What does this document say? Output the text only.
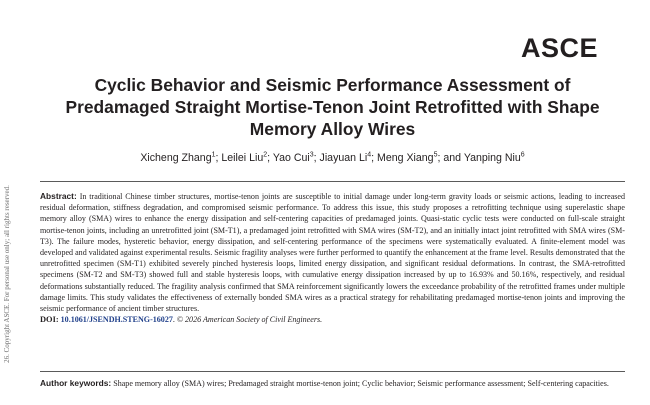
26. Copyright ASCE. For personal use only; all rights reserved.
ASCE
Cyclic Behavior and Seismic Performance Assessment of Predamaged Straight Mortise-Tenon Joint Retrofitted with Shape Memory Alloy Wires
Xicheng Zhang$^1$; Leilei Liu$^2$; Yao Cui$^3$; Jiayuan Li$^4$; Meng Xiang$^5$; and Yanping Niu$^6$
Abstract: In traditional Chinese timber structures, mortise-tenon joints are susceptible to initial damage under long-term gravity loads or seismic actions, leading to increased residual deformation, stiffness degradation, and compromised seismic performance. To address this issue, this study proposes a retrofitting technique using superelastic shape memory alloy (SMA) wires to enhance the energy dissipation and self-centering capacities of predamaged joints. Quasi-static cyclic tests were conducted on full-scale straight mortise-tenon joints, including an unretrofitted joint (SM-T1), a predamaged joint retrofitted with SMA wires (SM-T2), and an initially intact joint retrofitted with SMA wires (SM-T3). The failure modes, hysteretic behavior, energy dissipation, and self-centering performance of the specimens were systematically evaluated. A finite-element model was developed and validated against experimental results. Seismic fragility analyses were further performed to quantify the enhancement at the frame level. Results demonstrated that the unretrofitted specimen (SM-T1) exhibited severely pinched hysteresis loops, limited energy dissipation, and significant residual deformations. In contrast, the SMA-retrofitted specimens (SM-T2 and SM-T3) showed full and stable hysteresis loops, with cumulative energy dissipation increased by up to 16.93% and 50.16%, respectively, and residual deformations substantially reduced. The fragility analysis confirmed that SMA reinforcement significantly lowers the exceedance probability of the retrofitted frames under multiple damage limits. This study validates the effectiveness of externally bonded SMA wires as a practical strategy for rehabilitating predamaged mortise-tenon joints and improving the seismic performance of ancient timber structures.
DOI: 10.1061/JSENDH.STENG-16027. © 2026 American Society of Civil Engineers.
Author keywords: Shape memory alloy (SMA) wires; Predamaged straight mortise-tenon joint; Cyclic behavior; Seismic performance assessment; Self-centering capacities.
